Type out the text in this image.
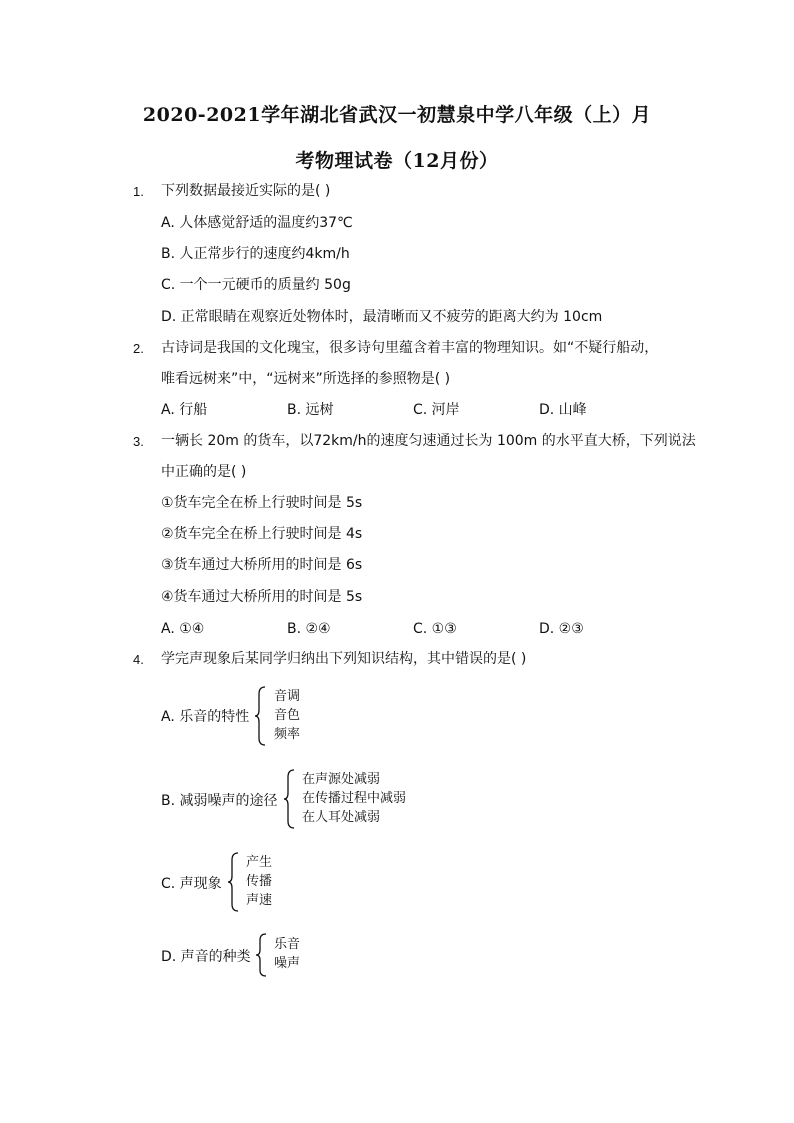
2020-2021学年湖北省武汉一初慧泉中学八年级（上）月
考物理试卷（12月份）
1. 下列数据最接近实际的是( )
A. 人体感觉舒适的温度约37℃
B. 人正常步行的速度约4km/h
C. 一个一元硬币的质量约 50g
D. 正常眼睛在观察近处物体时，最清晰而又不疲劳的距离大约为 10cm
2. 古诗词是我国的文化瑰宝，很多诗句里蕴含着丰富的物理知识。如“不疑行船动，
唯看远树来”中，“远树来”所选择的参照物是( )
A. 行船	B. 远树	C. 河岸	D. 山峰
3. 一辆长 20m 的货车，以72km/h的速度匀速通过长为 100m 的水平直大桥，下列说法
中正确的是( )
①货车完全在桥上行驶时间是 5s
②货车完全在桥上行驶时间是 4s
③货车通过大桥所用的时间是 6s
④货车通过大桥所用的时间是 5s
A. ①④	B. ②④	C. ①③	D. ②③
4. 学完声现象后某同学归纳出下列知识结构，其中错误的是( )
A. 乐音的特性
音调
音色
频率
B. 减弱噪声的途径
在声源处减弱
在传播过程中减弱
在人耳处减弱
C. 声现象
产生
传播
声速
D. 声音的种类
乐音
噪声
